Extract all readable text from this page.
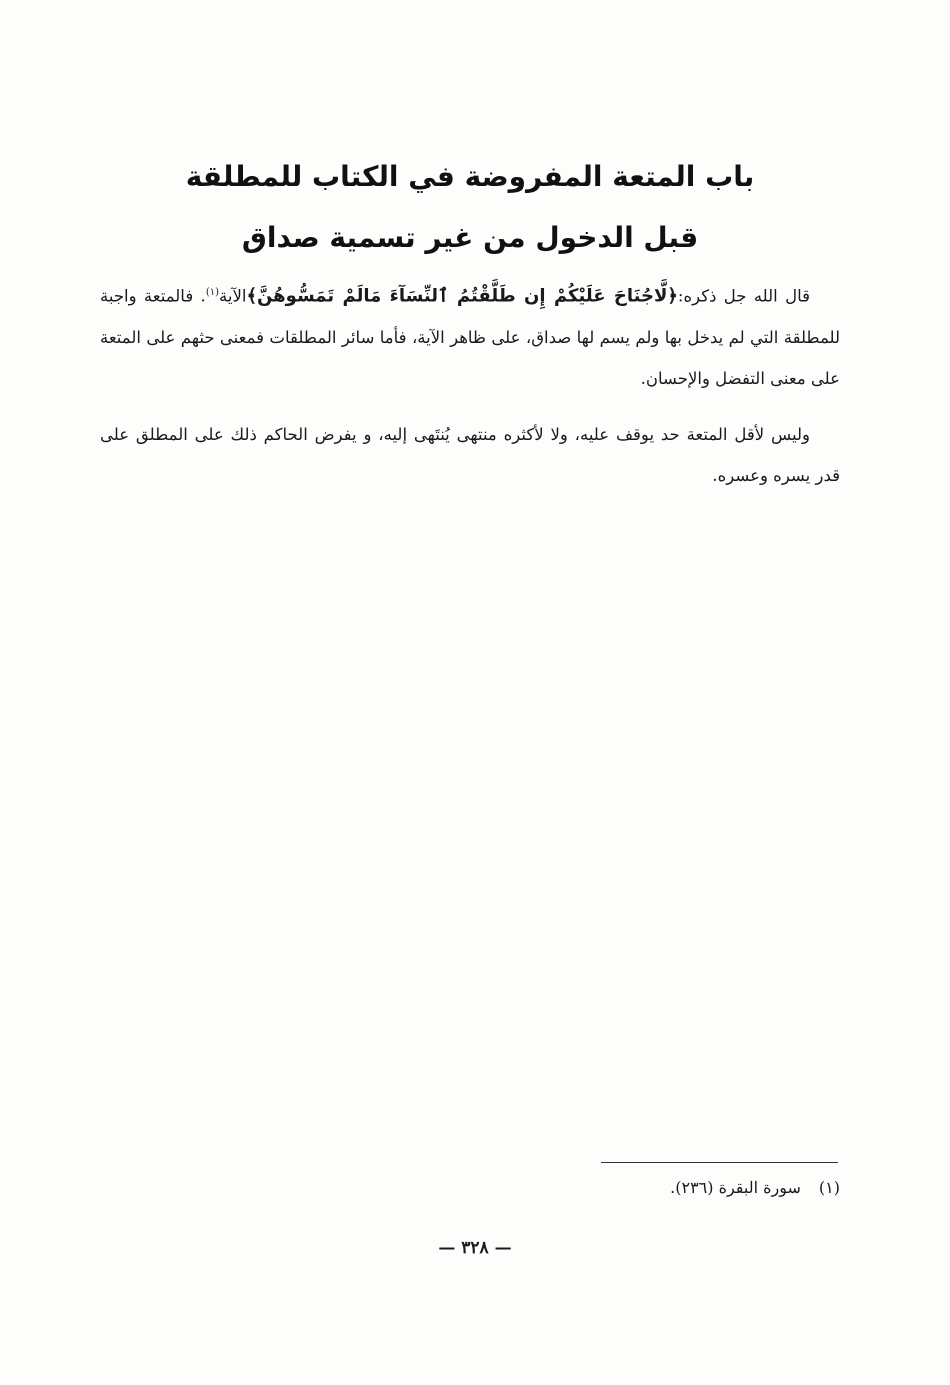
باب المتعة المفروضة في الكتاب للمطلقة
قبل الدخول من غير تسمية صداق
قال الله جل ذكره:﴿لَّاجُنَاحَ عَلَيْكُمْ إِن طَلَّقْتُمُ ٱلنِّسَآءَ مَالَمْ تَمَسُّوهُنَّ﴾الآية$^{(١)}$. فالمتعة واجبة للمطلقة التي لم يدخل بها ولم يسم لها صداق، على ظاهر الآية، فأما سائر المطلقات فمعنى حثهم على المتعة على معنى التفضل والإحسان.
وليس لأقل المتعة حد يوقف عليه، ولا لأكثره منتهى يُنتَهى إليه، و يفرض الحاكم ذلك على المطلق على قدر يسره وعسره.
(١)سورة البقرة (٢٣٦).
— ٣٢٨ —
